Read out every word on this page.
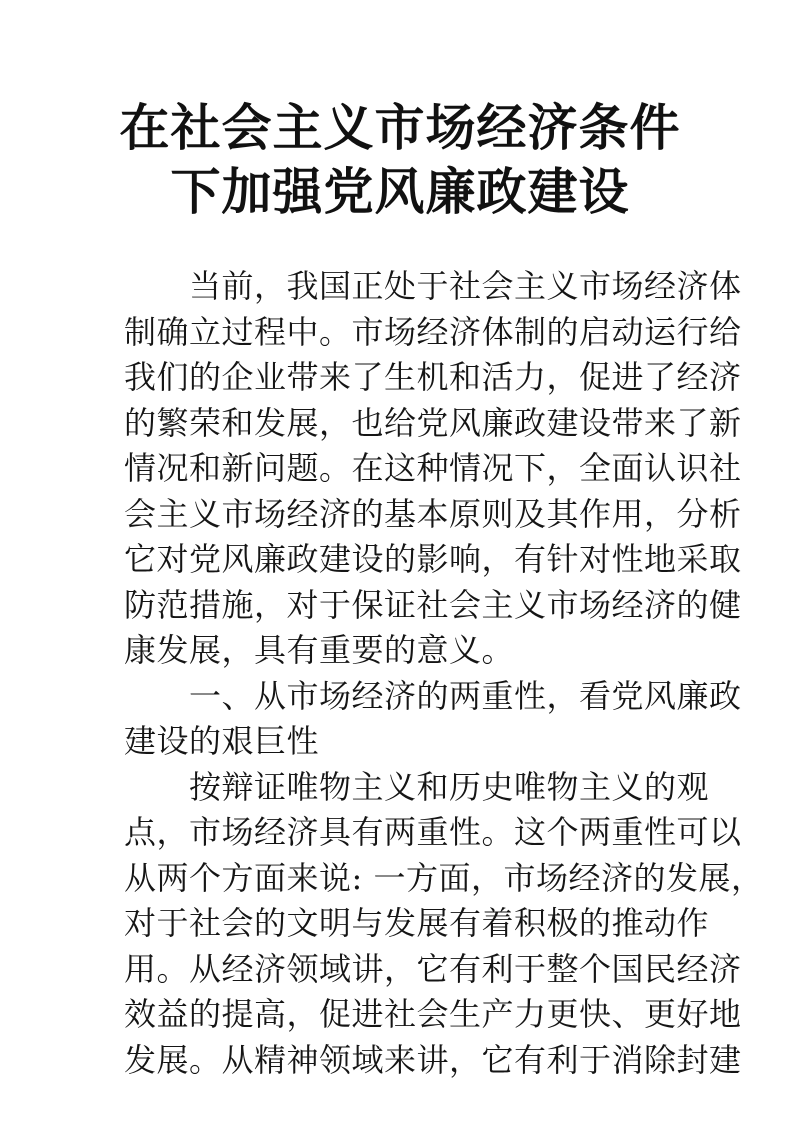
在社会主义市场经济条件
下加强党风廉政建设
　　当前，我国正处于社会主义市场经济体
制确立过程中。市场经济体制的启动运行给
我们的企业带来了生机和活力，促进了经济
的繁荣和发展，也给党风廉政建设带来了新
情况和新问题。在这种情况下，全面认识社
会主义市场经济的基本原则及其作用，分析
它对党风廉政建设的影响，有针对性地采取
防范措施，对于保证社会主义市场经济的健
康发展，具有重要的意义。
　　一、从市场经济的两重性，看党风廉政
建设的艰巨性
　　按辩证唯物主义和历史唯物主义的观
点，市场经济具有两重性。这个两重性可以
从两个方面来说: 一方面，市场经济的发展，
对于社会的文明与发展有着积极的推动作
用。从经济领域讲，它有利于整个国民经济
效益的提高，促进社会生产力更快、更好地
发展。从精神领域来讲，它有利于消除封建
